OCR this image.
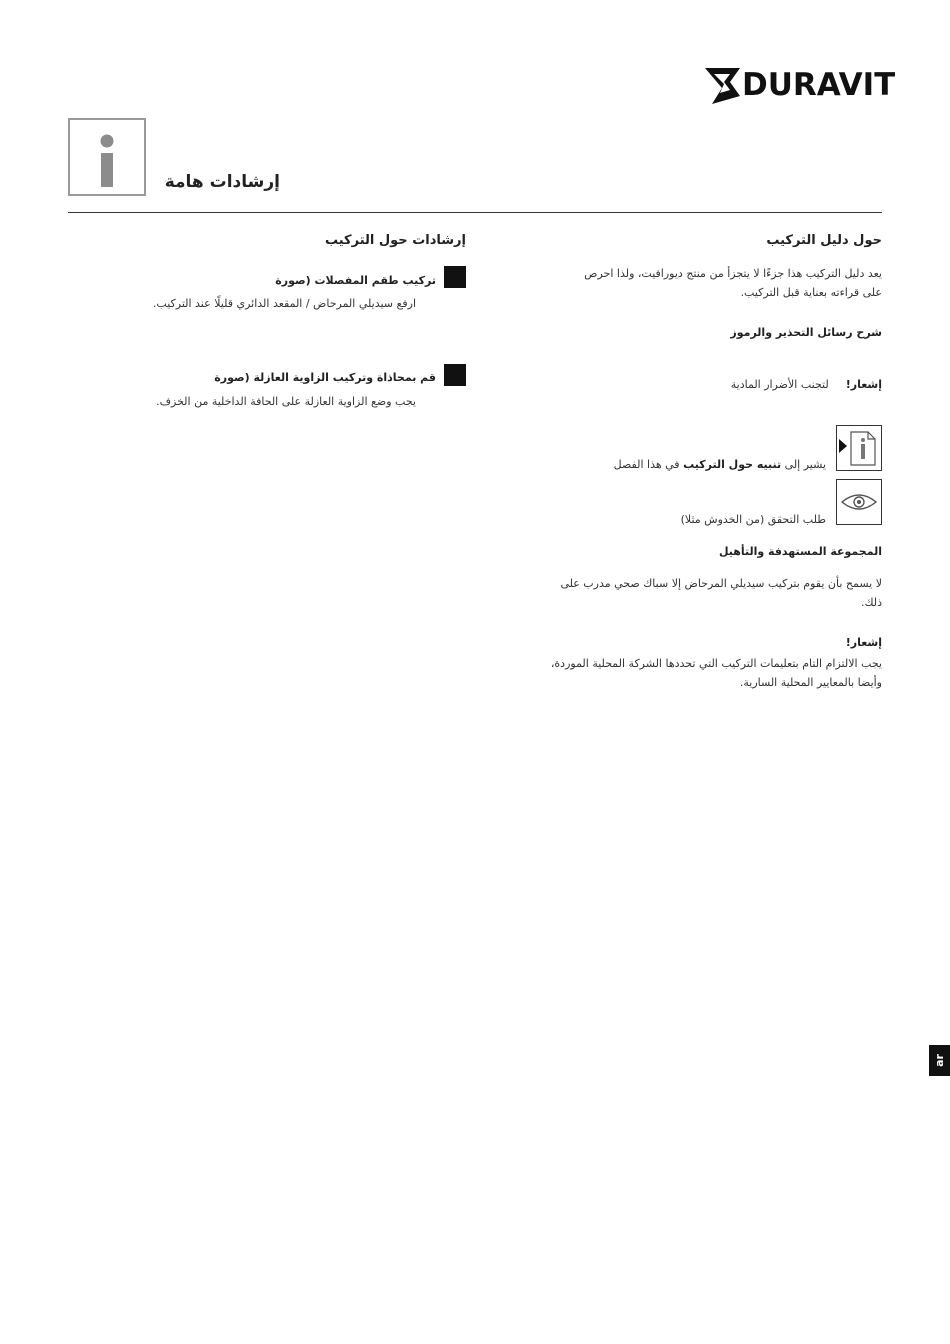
DURAVIT
إرشادات هامة
حول دليل التركيب
يعد دليل التركيب هذا جزءًا لا يتجزأ من منتج ديورافيت، ولذا احرص
على قراءته بعناية قبل التركيب.
شرح رسائل التحذير والرموز
إشعار!  لتجنب الأضرار المادية
يشير إلى تنبيه حول التركيب في هذا الفصل
طلب التحقق (من الخدوش مثلا)
المجموعة المستهدفة والتأهيل
لا يسمح بأن يقوم بتركيب سيديلي المرحاض إلا سباك صحي مدرب على
ذلك.
إشعار!
يجب الالتزام التام بتعليمات التركيب التي تحددها الشركة المحلية الموردة،
وأيضا بالمعايير المحلية السارية.
إرشادات حول التركيب
تركيب طقم المفصلات (صورة
ارفع سيديلي المرحاض / المقعد الدائري قليلًا عند التركيب.
قم بمحاذاة وتركيب الزاوية العازلة (صورة
يجب وضع الزاوية العازلة على الحافة الداخلية من الخزف.
ar
